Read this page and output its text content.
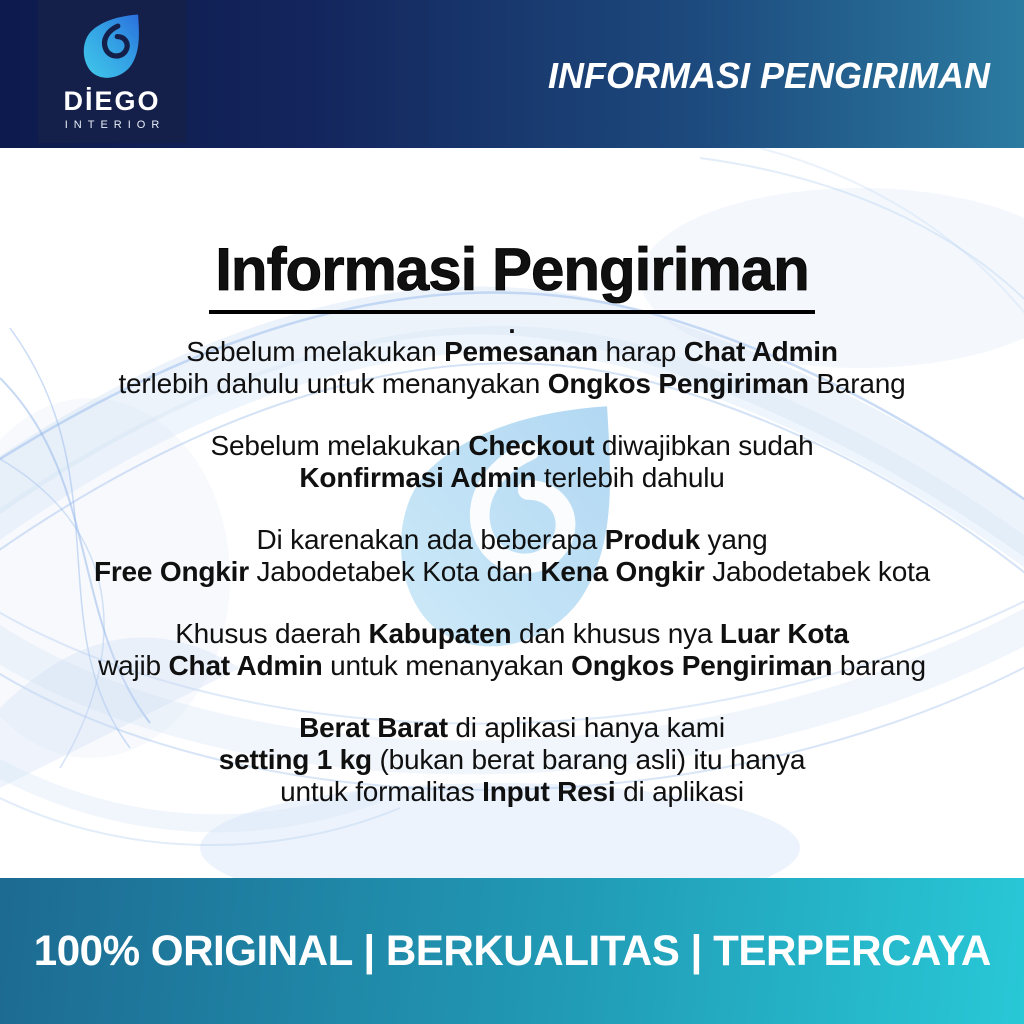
DİEGO
INTERIOR
INFORMASI PENGIRIMAN
Informasi Pengiriman
.
Sebelum melakukan Pemesanan harap Chat Admin
terlebih dahulu untuk menanyakan Ongkos Pengiriman Barang
Sebelum melakukan Checkout diwajibkan sudah
Konfirmasi Admin terlebih dahulu
Di karenakan ada beberapa Produk yang
Free Ongkir Jabodetabek Kota dan Kena Ongkir Jabodetabek kota
Khusus daerah Kabupaten dan khusus nya Luar Kota
wajib Chat Admin untuk menanyakan Ongkos Pengiriman barang
Berat Barat di aplikasi hanya kami
setting 1 kg (bukan berat barang asli) itu hanya
untuk formalitas Input Resi di aplikasi
100% ORIGINAL | BERKUALITAS | TERPERCAYA
